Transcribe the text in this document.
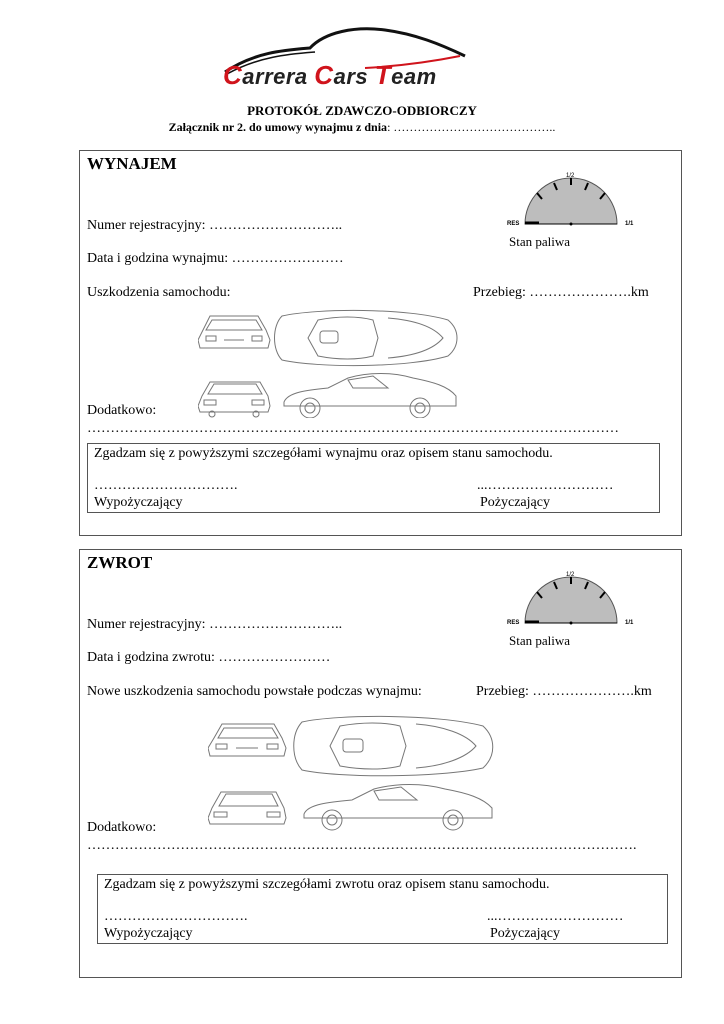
Carrera Cars Team
PROTOKÓŁ ZDAWCZO-ODBIORCZY
Załącznik nr 2. do umowy wynajmu z dnia: …………………………………..
WYNAJEM
1/2
RES	1/1
Stan paliwa
Numer rejestracyjny: ………………………..
Data i godzina wynajmu: ……………………
Uszkodzenia samochodu:	Przebieg: ………………….km
Dodatkowo:
……………………………………………………………………………………………………
Zgadzam się z powyższymi szczegółami wynajmu oraz opisem stanu samochodu.
………………………….	...………………………
Wypożyczający	Pożyczający
ZWROT
1/2
RES	1/1
Stan paliwa
Numer rejestracyjny: ………………………..
Data i godzina zwrotu: ……………………
Nowe uszkodzenia samochodu powstałe podczas wynajmu:	Przebieg: ………………….km
Dodatkowo:
……………………………………………………………………………………………………….
Zgadzam się z powyższymi szczegółami zwrotu oraz opisem stanu samochodu.
………………………….	...………………………
Wypożyczający	Pożyczający
